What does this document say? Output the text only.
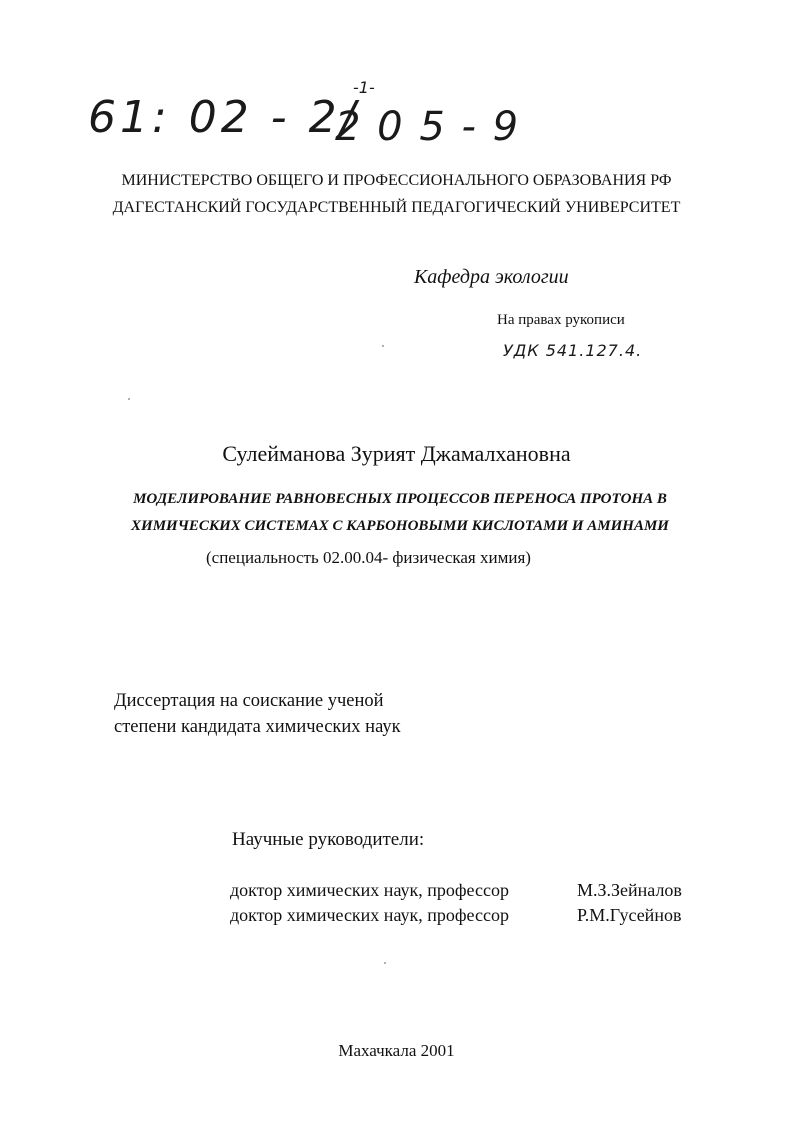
61: 02 - 2/
-1-
2 0 5 - 9
МИНИСТЕРСТВО ОБЩЕГО И ПРОФЕССИОНАЛЬНОГО ОБРАЗОВАНИЯ РФ
ДАГЕСТАНСКИЙ ГОСУДАРСТВЕННЫЙ ПЕДАГОГИЧЕСКИЙ УНИВЕРСИТЕТ
Кафедра экологии
На правах рукописи
УДК 541.127.4.
Сулейманова Зурият Джамалхановна
МОДЕЛИРОВАНИЕ РАВНОВЕСНЫХ ПРОЦЕССОВ ПЕРЕНОСА ПРОТОНА В
ХИМИЧЕСКИХ СИСТЕМАХ С КАРБОНОВЫМИ КИСЛОТАМИ И АМИНАМИ
(специальность 02.00.04- физическая химия)
Диссертация на соискание ученой
степени кандидата химических наук
Научные руководители:
доктор химических наук, профессор	М.З.Зейналов
доктор химических наук, профессор	Р.М.Гусейнов
Махачкала 2001
